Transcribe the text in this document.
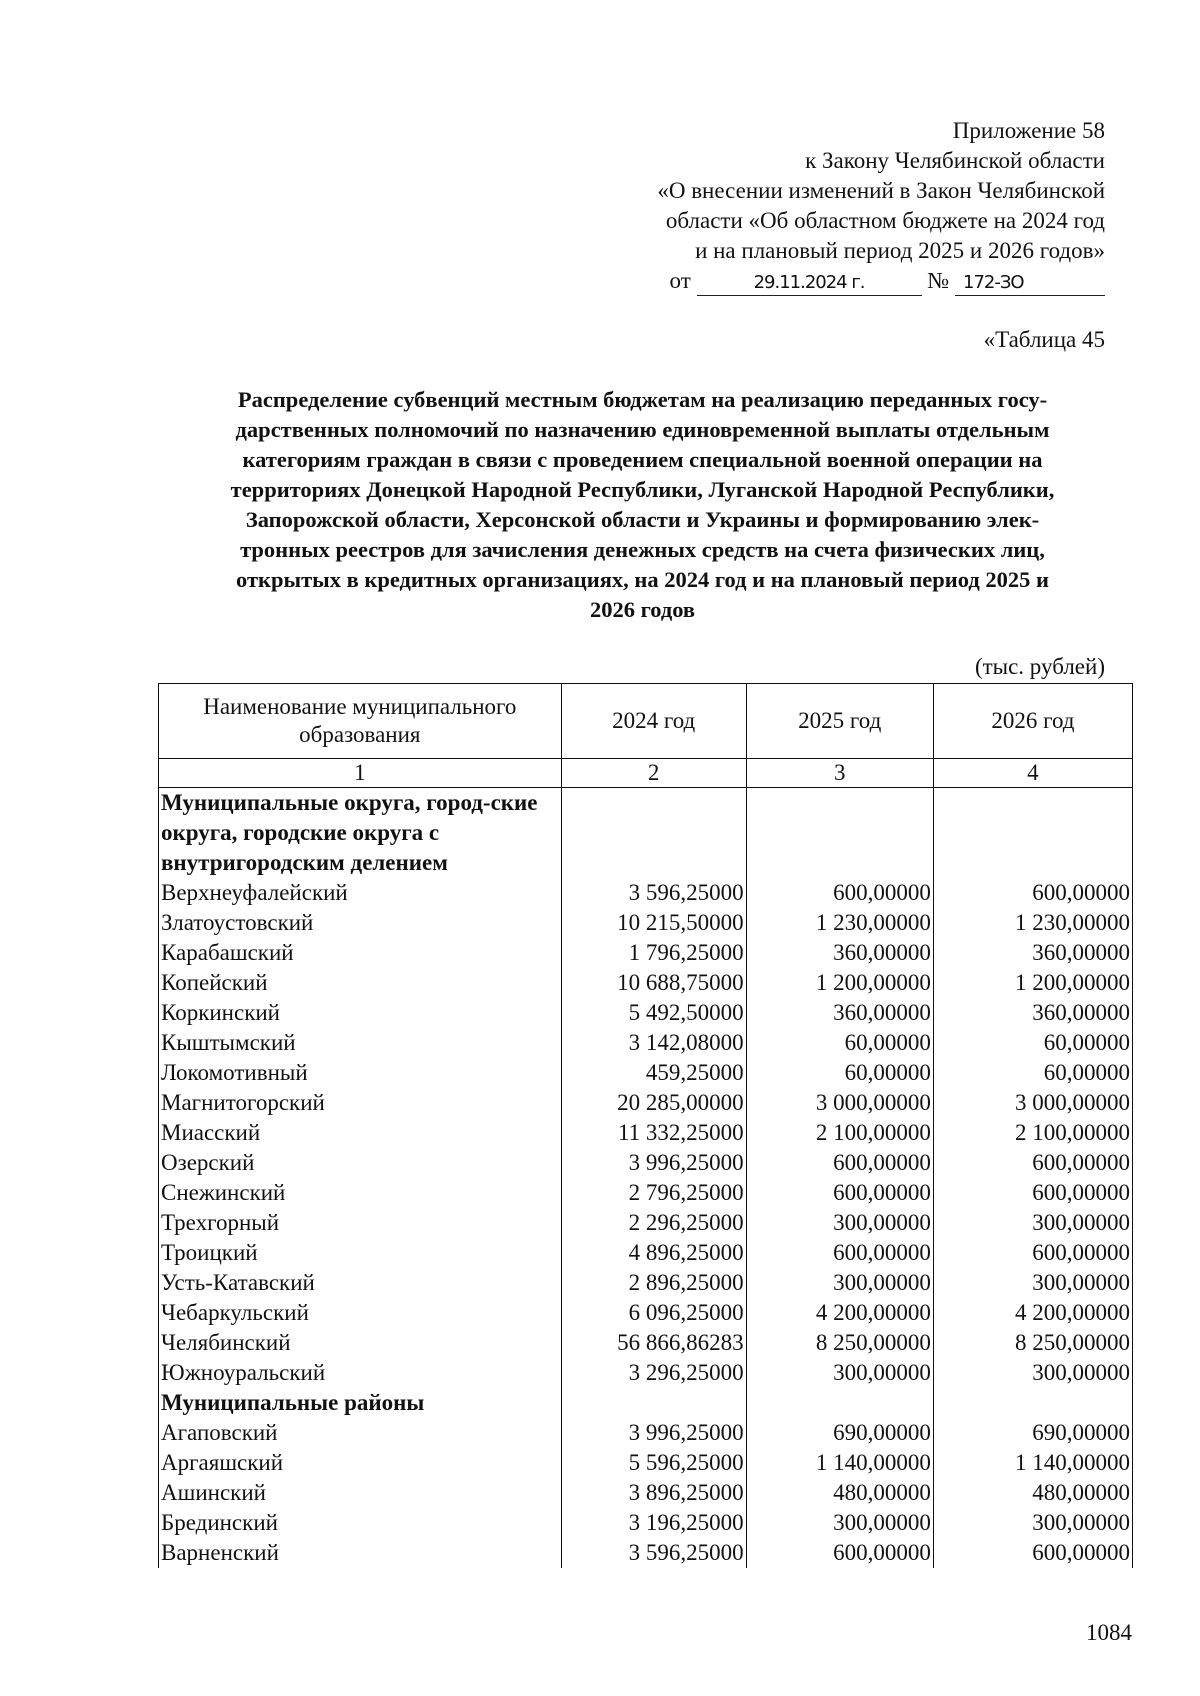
Приложение 58
к Закону Челябинской области
«О внесении изменений в Закон Челябинской
области «Об областном бюджете на 2024 год
и на плановый период 2025 и 2026 годов»
от	29.11.2024 г.	№ 172-ЗО
«Таблица 45
Распределение субвенций местным бюджетам на реализацию переданных госу-
дарственных полномочий по назначению единовременной выплаты отдельным
категориям граждан в связи с проведением специальной военной операции на
территориях Донецкой Народной Республики, Луганской Народной Республики,
Запорожской области, Херсонской области и Украины и формированию элек-
тронных реестров для зачисления денежных средств на счета физических лиц,
открытых в кредитных организациях, на 2024 год и на плановый период 2025 и
2026 годов
(тыс. рублей)
Наименование муниципального образования	2024 год	2025 год	2026 год
1	2	3	4
Муниципальные округа, город-ские округа, городские округа с внутригородским делением			
Верхнеуфалейский	3 596,25000	600,00000	600,00000
Златоустовский	10 215,50000	1 230,00000	1 230,00000
Карабашский	1 796,25000	360,00000	360,00000
Копейский	10 688,75000	1 200,00000	1 200,00000
Коркинский	5 492,50000	360,00000	360,00000
Кыштымский	3 142,08000	60,00000	60,00000
Локомотивный	459,25000	60,00000	60,00000
Магнитогорский	20 285,00000	3 000,00000	3 000,00000
Миасский	11 332,25000	2 100,00000	2 100,00000
Озерский	3 996,25000	600,00000	600,00000
Снежинский	2 796,25000	600,00000	600,00000
Трехгорный	2 296,25000	300,00000	300,00000
Троицкий	4 896,25000	600,00000	600,00000
Усть-Катавский	2 896,25000	300,00000	300,00000
Чебаркульский	6 096,25000	4 200,00000	4 200,00000
Челябинский	56 866,86283	8 250,00000	8 250,00000
Южноуральский	3 296,25000	300,00000	300,00000
Муниципальные районы			
Агаповский	3 996,25000	690,00000	690,00000
Аргаяшский	5 596,25000	1 140,00000	1 140,00000
Ашинский	3 896,25000	480,00000	480,00000
Брединский	3 196,25000	300,00000	300,00000
Варненский	3 596,25000	600,00000	600,00000
1084
